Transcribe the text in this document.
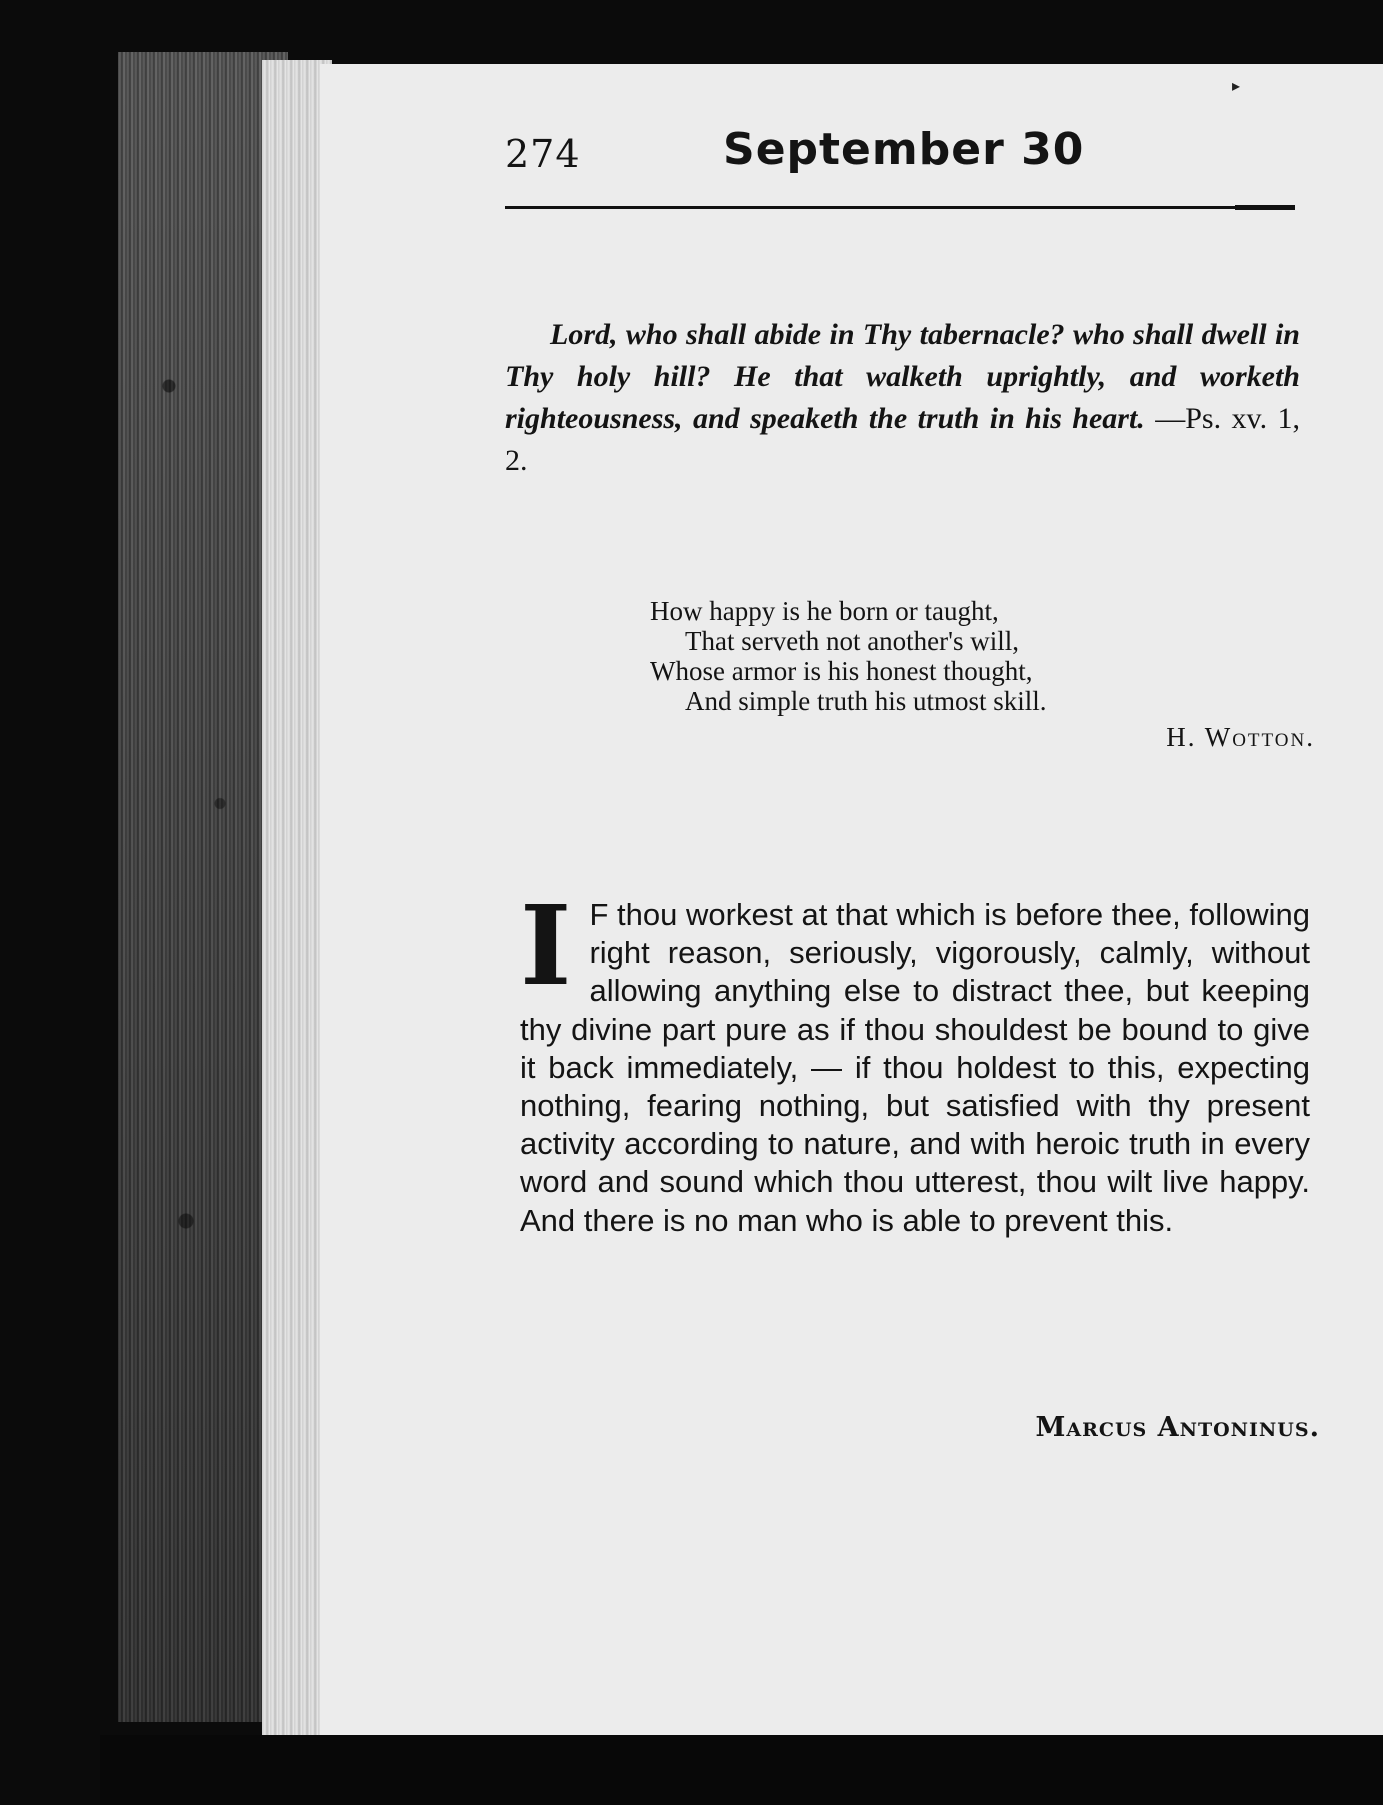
▸
274	September 30

Lord, who shall abide in Thy tabernacle? who shall dwell in Thy holy hill? He that walketh uprightly, and worketh righteousness, and speaketh the truth in his heart. —Ps. xv. 1, 2.

How happy is he born or taught,
That serveth not another's will,
Whose armor is his honest thought,
And simple truth his utmost skill.
H. Wotton.

I F thou workest at that which is before thee, following right reason, seriously, vigorously, calmly, without allowing anything else to distract thee, but keeping thy divine part pure as if thou shouldest be bound to give it back immediately, — if thou holdest to this, expecting nothing, fearing nothing, but satisfied with thy present activity according to nature, and with heroic truth in every word and sound which thou utterest, thou wilt live happy. And there is no man who is able to prevent this.

Marcus Antoninus.
